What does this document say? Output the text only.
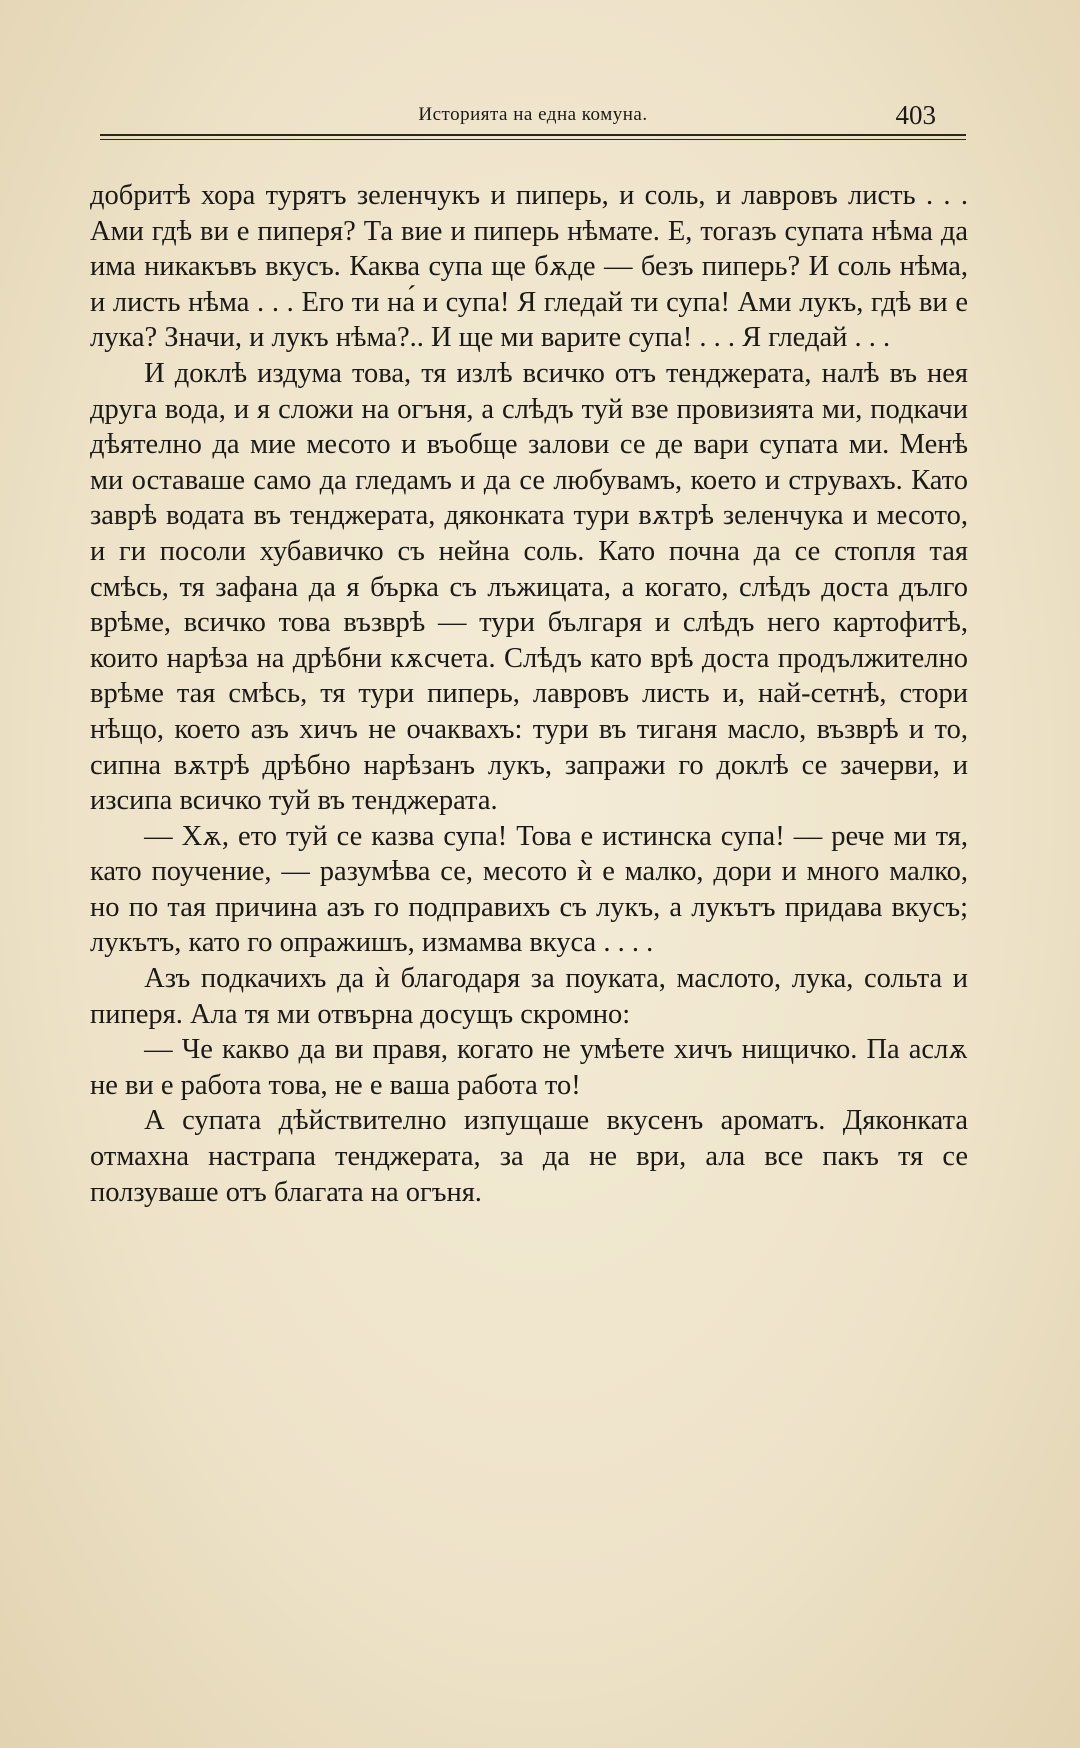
Историята на една комуна.	403

добритѣ хора турятъ зеленчукъ и пиперь, и соль, и лавровъ листь . . . Ами гдѣ ви е пиперя? Та вие и пиперь нѣмате. Е, тогазъ супата нѣма да има никакъвъ вкусъ. Каква супа ще бѫде — безъ пиперь? И соль нѣма, и листь нѣма . . . Его ти на́ и супа! Я гледай ти супа! Ами лукъ, гдѣ ви е лука? Значи, и лукъ нѣма?.. И ще ми варите супа! . . . Я гледай . . .

И доклѣ издума това, тя излѣ всичко отъ тенджерата, налѣ въ нея друга вода, и я сложи на огъня, а слѣдъ туй взе провизията ми, подкачи дѣятелно да мие месото и въобще залови се де вари супата ми. Менѣ ми оставаше само да гледамъ и да се любувамъ, което и струвахъ. Като заврѣ водата въ тенджерата, дяконката тури вѫтрѣ зеленчука и месото, и ги посоли хубавичко съ нейна соль. Като почна да се стопля тая смѣсь, тя зафана да я бърка съ лъжицата, а когато, слѣдъ доста дълго врѣме, всичко това възврѣ — тури българя и слѣдъ него картофитѣ, които нарѣза на дрѣбни кѫсчета. Слѣдъ като врѣ доста продължително врѣме тая смѣсь, тя тури пиперь, лавровъ листь и, най-сетнѣ, стори нѣщо, което азъ хичъ не очаквахъ: тури въ тиганя масло, възврѣ и то, сипна вѫтрѣ дрѣбно нарѣзанъ лукъ, запражи го доклѣ се зачерви, и изсипа всичко туй въ тенджерата.

— Хѫ, ето туй се казва супа! Това е истинска супа! — рече ми тя, като поучение, — разумѣва се, месото ѝ е малко, дори и много малко, но по тая причина азъ го подправихъ съ лукъ, а лукътъ придава вкусъ; лукътъ, като го опражишъ, измамва вкуса . . . .

Азъ подкачихъ да ѝ благодаря за поуката, маслото, лука, сольта и пиперя. Ала тя ми отвърна досущъ скромно:

— Че какво да ви правя, когато не умѣете хичъ нищичко. Па аслѫ не ви е работа това, не е ваша работа то!

А супата дѣйствително изпущаше вкусенъ ароматъ. Дяконката отмахна настрапа тенджерата, за да не ври, ала все пакъ тя се ползуваше отъ благата на огъня.
